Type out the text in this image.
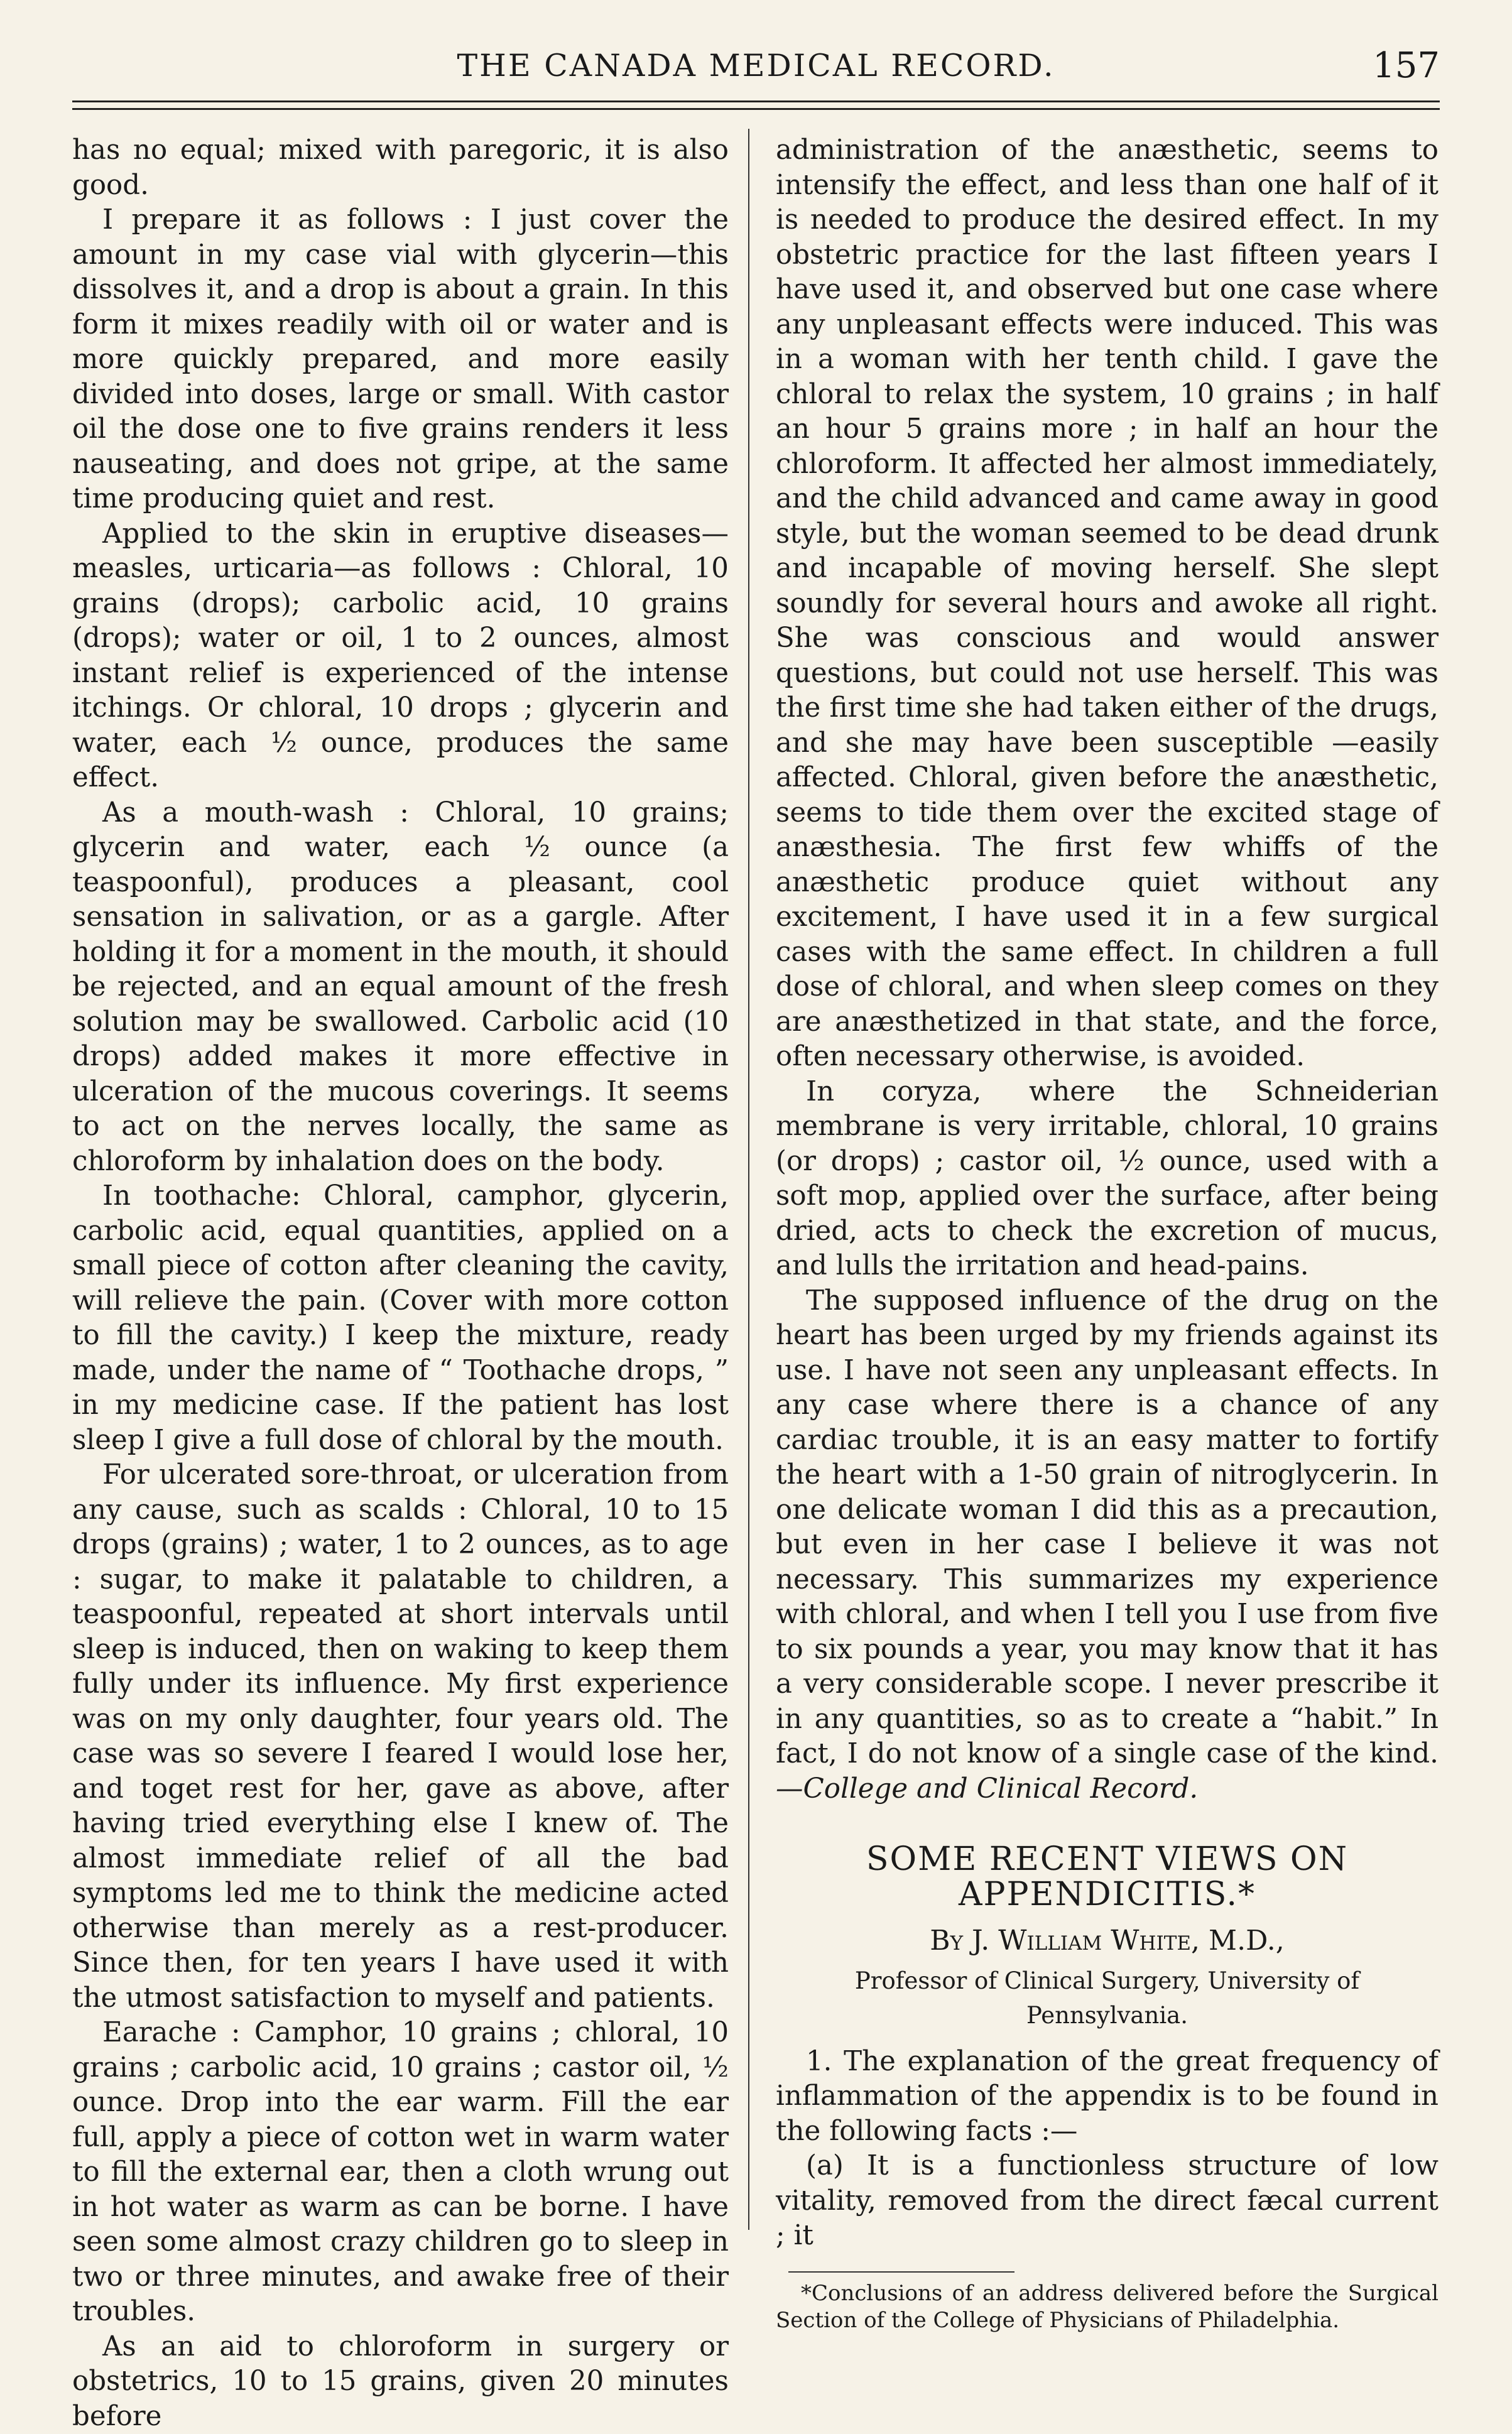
THE CANADA MEDICAL RECORD.	157

has no equal; mixed with paregoric, it is also good.

I prepare it as follows : I just cover the amount in my case vial with glycerin—this dissolves it, and a drop is about a grain. In this form it mixes readily with oil or water and is more quickly prepared, and more easily divided into doses, large or small. With castor oil the dose one to five grains renders it less nauseating, and does not gripe, at the same time producing quiet and rest.

Applied to the skin in eruptive diseases—measles, urticaria—as follows : Chloral, 10 grains (drops); carbolic acid, 10 grains (drops); water or oil, 1 to 2 ounces, almost instant relief is experienced of the intense itchings. Or chloral, 10 drops ; glycerin and water, each ½ ounce, produces the same effect.

As a mouth-wash : Chloral, 10 grains; glycerin and water, each ½ ounce (a teaspoonful), produces a pleasant, cool sensation in salivation, or as a gargle. After holding it for a moment in the mouth, it should be rejected, and an equal amount of the fresh solution may be swallowed. Carbolic acid (10 drops) added makes it more effective in ulceration of the mucous coverings. It seems to act on the nerves locally, the same as chloroform by inhalation does on the body.

In toothache: Chloral, camphor, glycerin, carbolic acid, equal quantities, applied on a small piece of cotton after cleaning the cavity, will relieve the pain. (Cover with more cotton to fill the cavity.) I keep the mixture, ready made, under the name of “ Toothache drops, ” in my medicine case. If the patient has lost sleep I give a full dose of chloral by the mouth.

For ulcerated sore-throat, or ulceration from any cause, such as scalds : Chloral, 10 to 15 drops (grains) ; water, 1 to 2 ounces, as to age : sugar, to make it palatable to children, a teaspoonful, repeated at short intervals until sleep is induced, then on waking to keep them fully under its influence. My first experience was on my only daughter, four years old. The case was so severe I feared I would lose her, and toget rest for her, gave as above, after having tried everything else I knew of. The almost immediate relief of all the bad symptoms led me to think the medicine acted otherwise than merely as a rest-producer. Since then, for ten years I have used it with the utmost satisfaction to myself and patients.

Earache : Camphor, 10 grains ; chloral, 10 grains ; carbolic acid, 10 grains ; castor oil, ½ ounce. Drop into the ear warm. Fill the ear full, apply a piece of cotton wet in warm water to fill the external ear, then a cloth wrung out in hot water as warm as can be borne. I have seen some almost crazy children go to sleep in two or three minutes, and awake free of their troubles.

As an aid to chloroform in surgery or obstetrics, 10 to 15 grains, given 20 minutes before

administration of the anæsthetic, seems to intensify the effect, and less than one half of it is needed to produce the desired effect. In my obstetric practice for the last fifteen years I have used it, and observed but one case where any unpleasant effects were induced. This was in a woman with her tenth child. I gave the chloral to relax the system, 10 grains ; in half an hour 5 grains more ; in half an hour the chloroform. It affected her almost immediately, and the child advanced and came away in good style, but the woman seemed to be dead drunk and incapable of moving herself. She slept soundly for several hours and awoke all right. She was conscious and would answer questions, but could not use herself. This was the first time she had taken either of the drugs, and she may have been susceptible —easily affected. Chloral, given before the anæsthetic, seems to tide them over the excited stage of anæsthesia. The first few whiffs of the anæsthetic produce quiet without any excitement, I have used it in a few surgical cases with the same effect. In children a full dose of chloral, and when sleep comes on they are anæsthetized in that state, and the force, often necessary otherwise, is avoided.

In coryza, where the Schneiderian membrane is very irritable, chloral, 10 grains (or drops) ; castor oil, ½ ounce, used with a soft mop, applied over the surface, after being dried, acts to check the excretion of mucus, and lulls the irritation and head-pains.

The supposed influence of the drug on the heart has been urged by my friends against its use. I have not seen any unpleasant effects. In any case where there is a chance of any cardiac trouble, it is an easy matter to fortify the heart with a 1-50 grain of nitroglycerin. In one delicate woman I did this as a precaution, but even in her case I believe it was not necessary. This summarizes my experience with chloral, and when I tell you I use from five to six pounds a year, you may know that it has a very considerable scope. I never prescribe it in any quantities, so as to create a “habit.” In fact, I do not know of a single case of the kind.—College and Clinical Record.

SOME RECENT VIEWS ON APPENDICITIS.*
By J. William White, M.D.,
Professor of Clinical Surgery, University of Pennsylvania.

1. The explanation of the great frequency of inflammation of the appendix is to be found in the following facts :—

(a) It is a functionless structure of low vitality, removed from the direct fæcal current ; it

*Conclusions of an address delivered before the Surgical Section of the College of Physicians of Philadelphia.
